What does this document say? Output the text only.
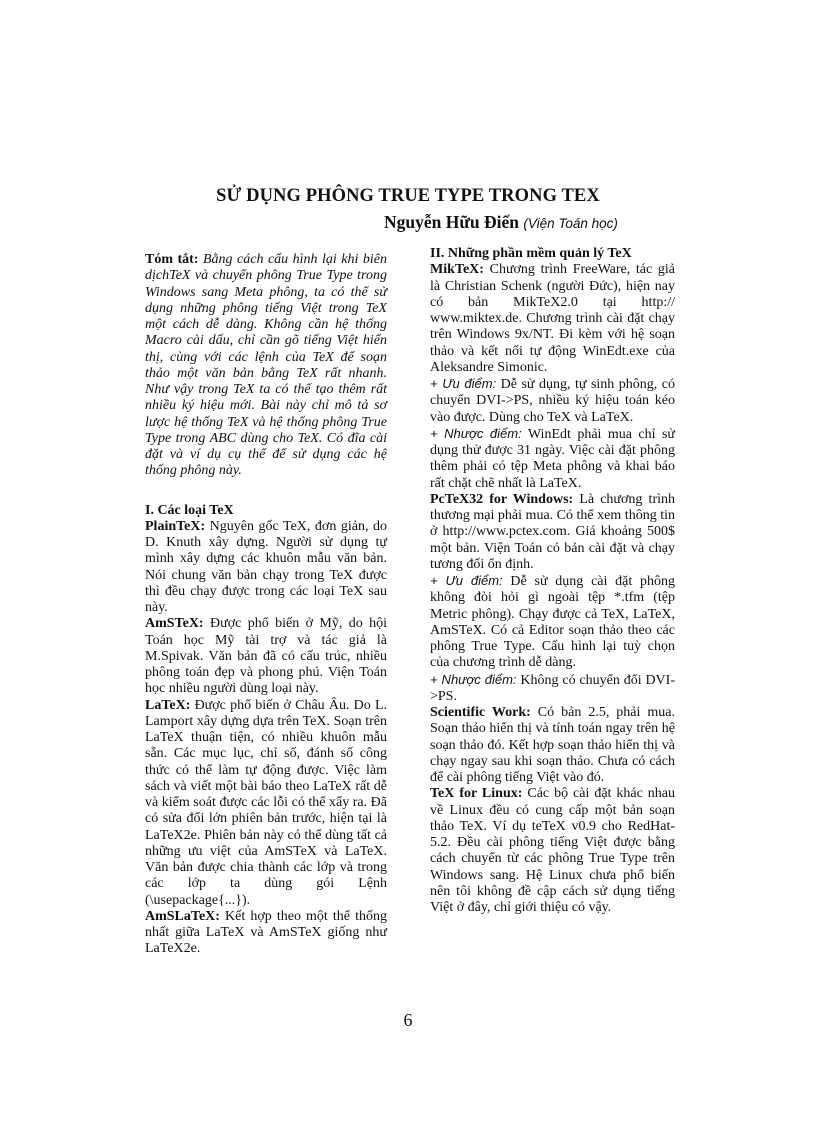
SỬ DỤNG PHÔNG TRUE TYPE TRONG TEX
Nguyễn Hữu Điển (Viện Toán học)

Tóm tắt: Bằng cách cấu hình lại khi biên dịchTeX và chuyển phông True Type trong Windows sang Meta phông, ta có thể sử dụng những phông tiếng Việt trong TeX một cách dễ dàng. Không cần hệ thống Macro cài dấu, chỉ cần gõ tiếng Việt hiển thị, cùng với các lệnh của TeX để soạn thảo một văn bản bằng TeX rất nhanh. Như vậy trong TeX ta có thể tạo thêm rất nhiều ký hiệu mới. Bài này chỉ mô tả sơ lược hệ thống TeX và hệ thống phông True Type trong ABC dùng cho TeX. Có đĩa cài đặt và ví dụ cụ thể để sử dụng các hệ thống phông này.

I. Các loại TeX

PlainTeX: Nguyên gốc TeX, đơn giản, do D. Knuth xây dựng. Người sử dụng tự mình xây dựng các khuôn mẫu văn bản. Nói chung văn bản chạy trong TeX được thì đều chạy được trong các loại TeX sau này.

AmSTeX: Được phổ biến ở Mỹ, do hội Toán học Mỹ tài trợ và tác giả là M.Spivak. Văn bản đã có cấu trúc, nhiều phông toán đẹp và phong phú. Viện Toán học nhiều người dùng loại này.

LaTeX: Được phổ biến ở Châu Âu. Do L. Lamport xây dựng dựa trên TeX. Soạn trên LaTeX thuận tiện, có nhiều khuôn mẫu sẵn. Các mục lục, chỉ số, đánh số công thức có thể làm tự động được. Việc làm sách và viết một bài báo theo LaTeX rất dễ và kiểm soát được các lỗi có thể xẩy ra. Đã có sửa đổi lớn phiên bản trước, hiện tại là LaTeX2e. Phiên bản này có thể dùng tất cả những ưu việt của AmSTeX và LaTeX. Văn bản được chia thành các lớp và trong các lớp ta dùng gói Lệnh (\usepackage{...}).

AmSLaTeX: Kết hợp theo một thể thống nhất giữa LaTeX và AmSTeX giống như LaTeX2e.

II. Những phần mềm quản lý TeX

MikTeX: Chương trình FreeWare, tác giả là Christian Schenk (người Đức), hiện nay có bản MikTeX2.0 tại http:// www.miktex.de. Chương trình cài đặt chạy trên Windows 9x/NT. Đi kèm với hệ soạn thảo và kết nối tự động WinEdt.exe của Aleksandre Simonic.

+ Ưu điểm: Dễ sử dụng, tự sinh phông, có chuyển DVI->PS, nhiều ký hiệu toán kéo vào được. Dùng cho TeX và LaTeX.

+ Nhược điểm: WinEdt phải mua chỉ sử dụng thử được 31 ngày. Việc cài đặt phông thêm phải có tệp Meta phông và khai báo rất chặt chẽ nhất là LaTeX.

PcTeX32 for Windows: Là chương trình thương mại phải mua. Có thể xem thông tin ở http://www.pctex.com. Giá khoảng 500$ một bản. Viện Toán có bản cài đặt và chạy tương đối ổn định.

+ Ưu điểm: Dễ sử dụng cài đặt phông không đòi hỏi gì ngoài tệp *.tfm (tệp Metric phông). Chạy được cả TeX, LaTeX, AmSTeX. Có cả Editor soạn thảo theo các phông True Type. Cấu hình lại tuỳ chọn của chương trình dễ dàng.

+ Nhược điểm: Không có chuyển đổi DVI->PS.

Scientific Work: Có bản 2.5, phải mua. Soạn thảo hiển thị và tính toán ngay trên hệ soạn thảo đó. Kết hợp soạn thảo hiển thị và chạy ngay sau khi soạn thảo. Chưa có cách để cài phông tiếng Việt vào đó.

TeX for Linux: Các bộ cài đặt khác nhau về Linux đều có cung cấp một bản soạn thảo TeX. Ví dụ teTeX v0.9 cho RedHat-5.2. Đều cài phông tiếng Việt được bằng cách chuyển từ các phông True Type trên Windows sang. Hệ Linux chưa phổ biến nên tôi không đề cập cách sử dụng tiếng Việt ở đây, chỉ giới thiệu có vậy.

6
